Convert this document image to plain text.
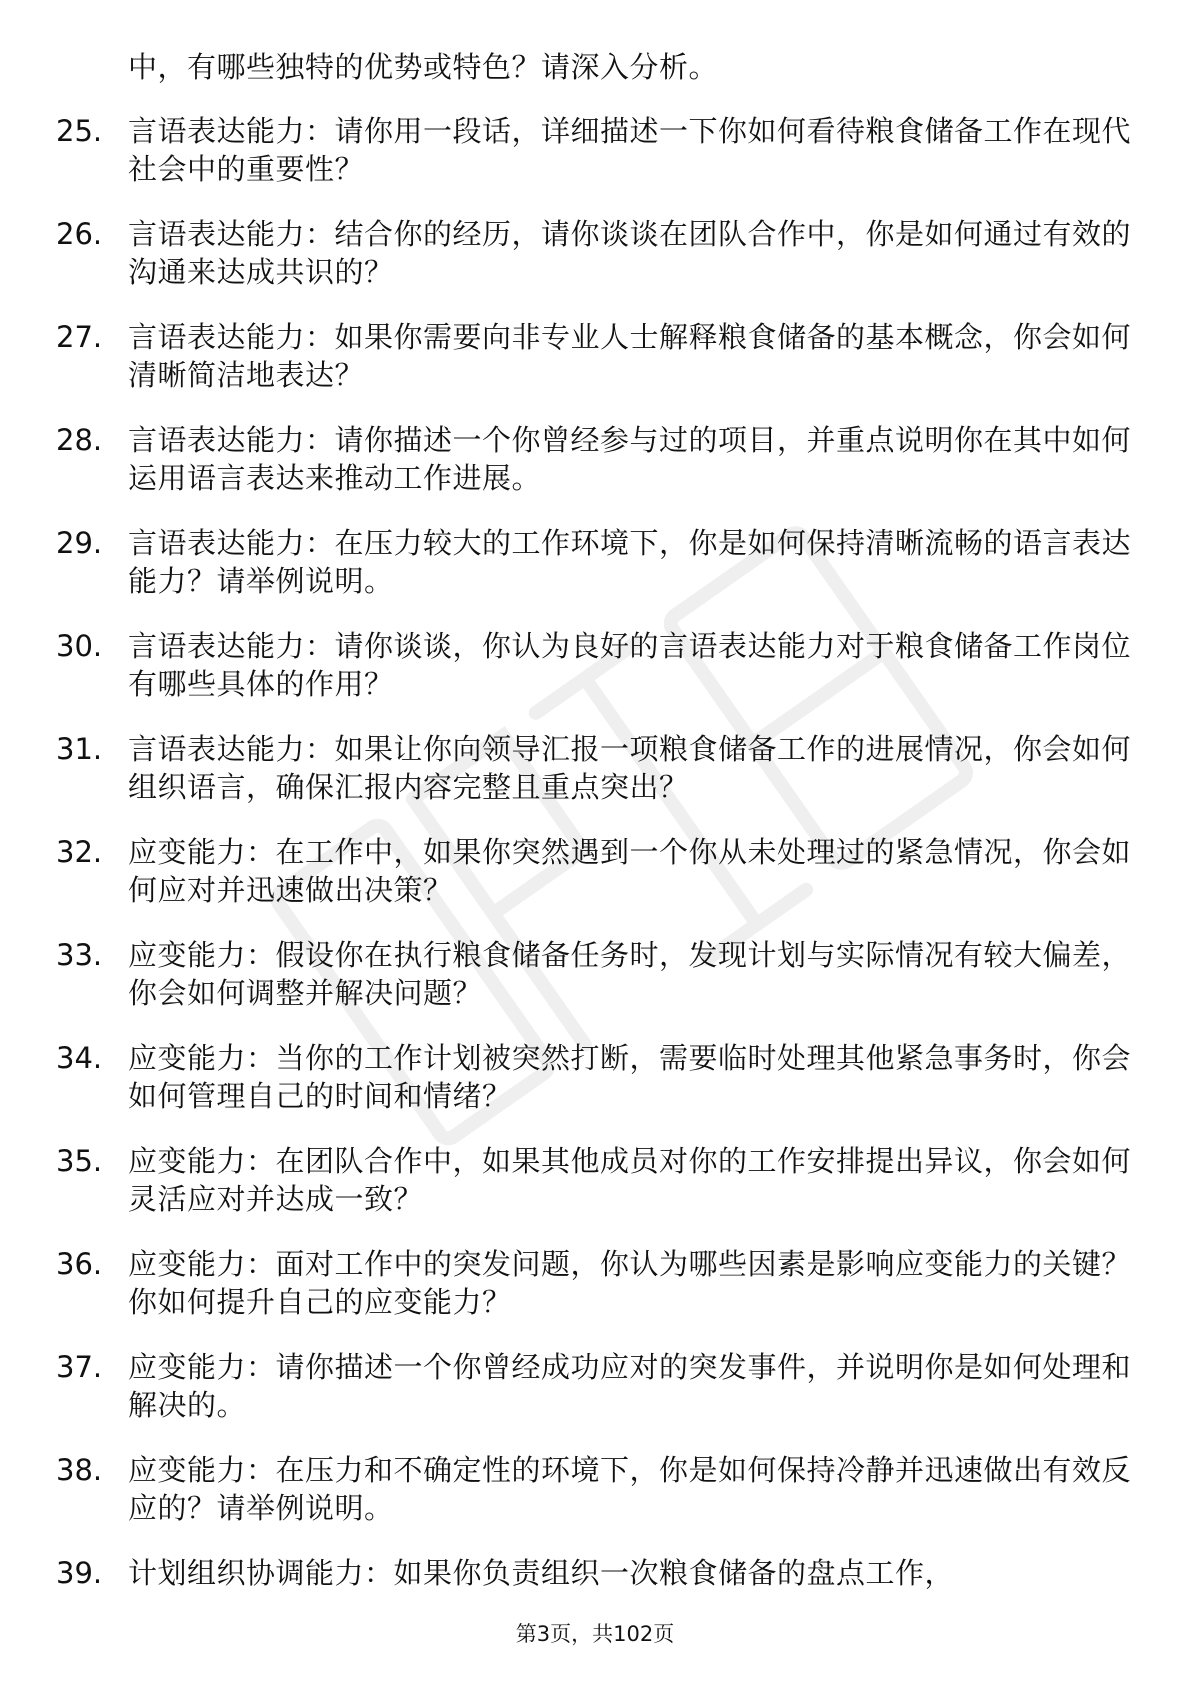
中，有哪些独特的优势或特色？请深入分析。
25. 言语表达能力：请你用一段话，详细描述一下你如何看待粮食储备工作在现代社会中的重要性？
26. 言语表达能力：结合你的经历，请你谈谈在团队合作中，你是如何通过有效的沟通来达成共识的？
27. 言语表达能力：如果你需要向非专业人士解释粮食储备的基本概念，你会如何清晰简洁地表达？
28. 言语表达能力：请你描述一个你曾经参与过的项目，并重点说明你在其中如何运用语言表达来推动工作进展。
29. 言语表达能力：在压力较大的工作环境下，你是如何保持清晰流畅的语言表达能力？请举例说明。
30. 言语表达能力：请你谈谈，你认为良好的言语表达能力对于粮食储备工作岗位有哪些具体的作用？
31. 言语表达能力：如果让你向领导汇报一项粮食储备工作的进展情况，你会如何组织语言，确保汇报内容完整且重点突出？
32. 应变能力：在工作中，如果你突然遇到一个你从未处理过的紧急情况，你会如何应对并迅速做出决策？
33. 应变能力：假设你在执行粮食储备任务时，发现计划与实际情况有较大偏差，你会如何调整并解决问题？
34. 应变能力：当你的工作计划被突然打断，需要临时处理其他紧急事务时，你会如何管理自己的时间和情绪？
35. 应变能力：在团队合作中，如果其他成员对你的工作安排提出异议，你会如何灵活应对并达成一致？
36. 应变能力：面对工作中的突发问题，你认为哪些因素是影响应变能力的关键？你如何提升自己的应变能力？
37. 应变能力：请你描述一个你曾经成功应对的突发事件，并说明你是如何处理和解决的。
38. 应变能力：在压力和不确定性的环境下，你是如何保持冷静并迅速做出有效反应的？请举例说明。
39. 计划组织协调能力：如果你负责组织一次粮食储备的盘点工作，
第3页，共102页
